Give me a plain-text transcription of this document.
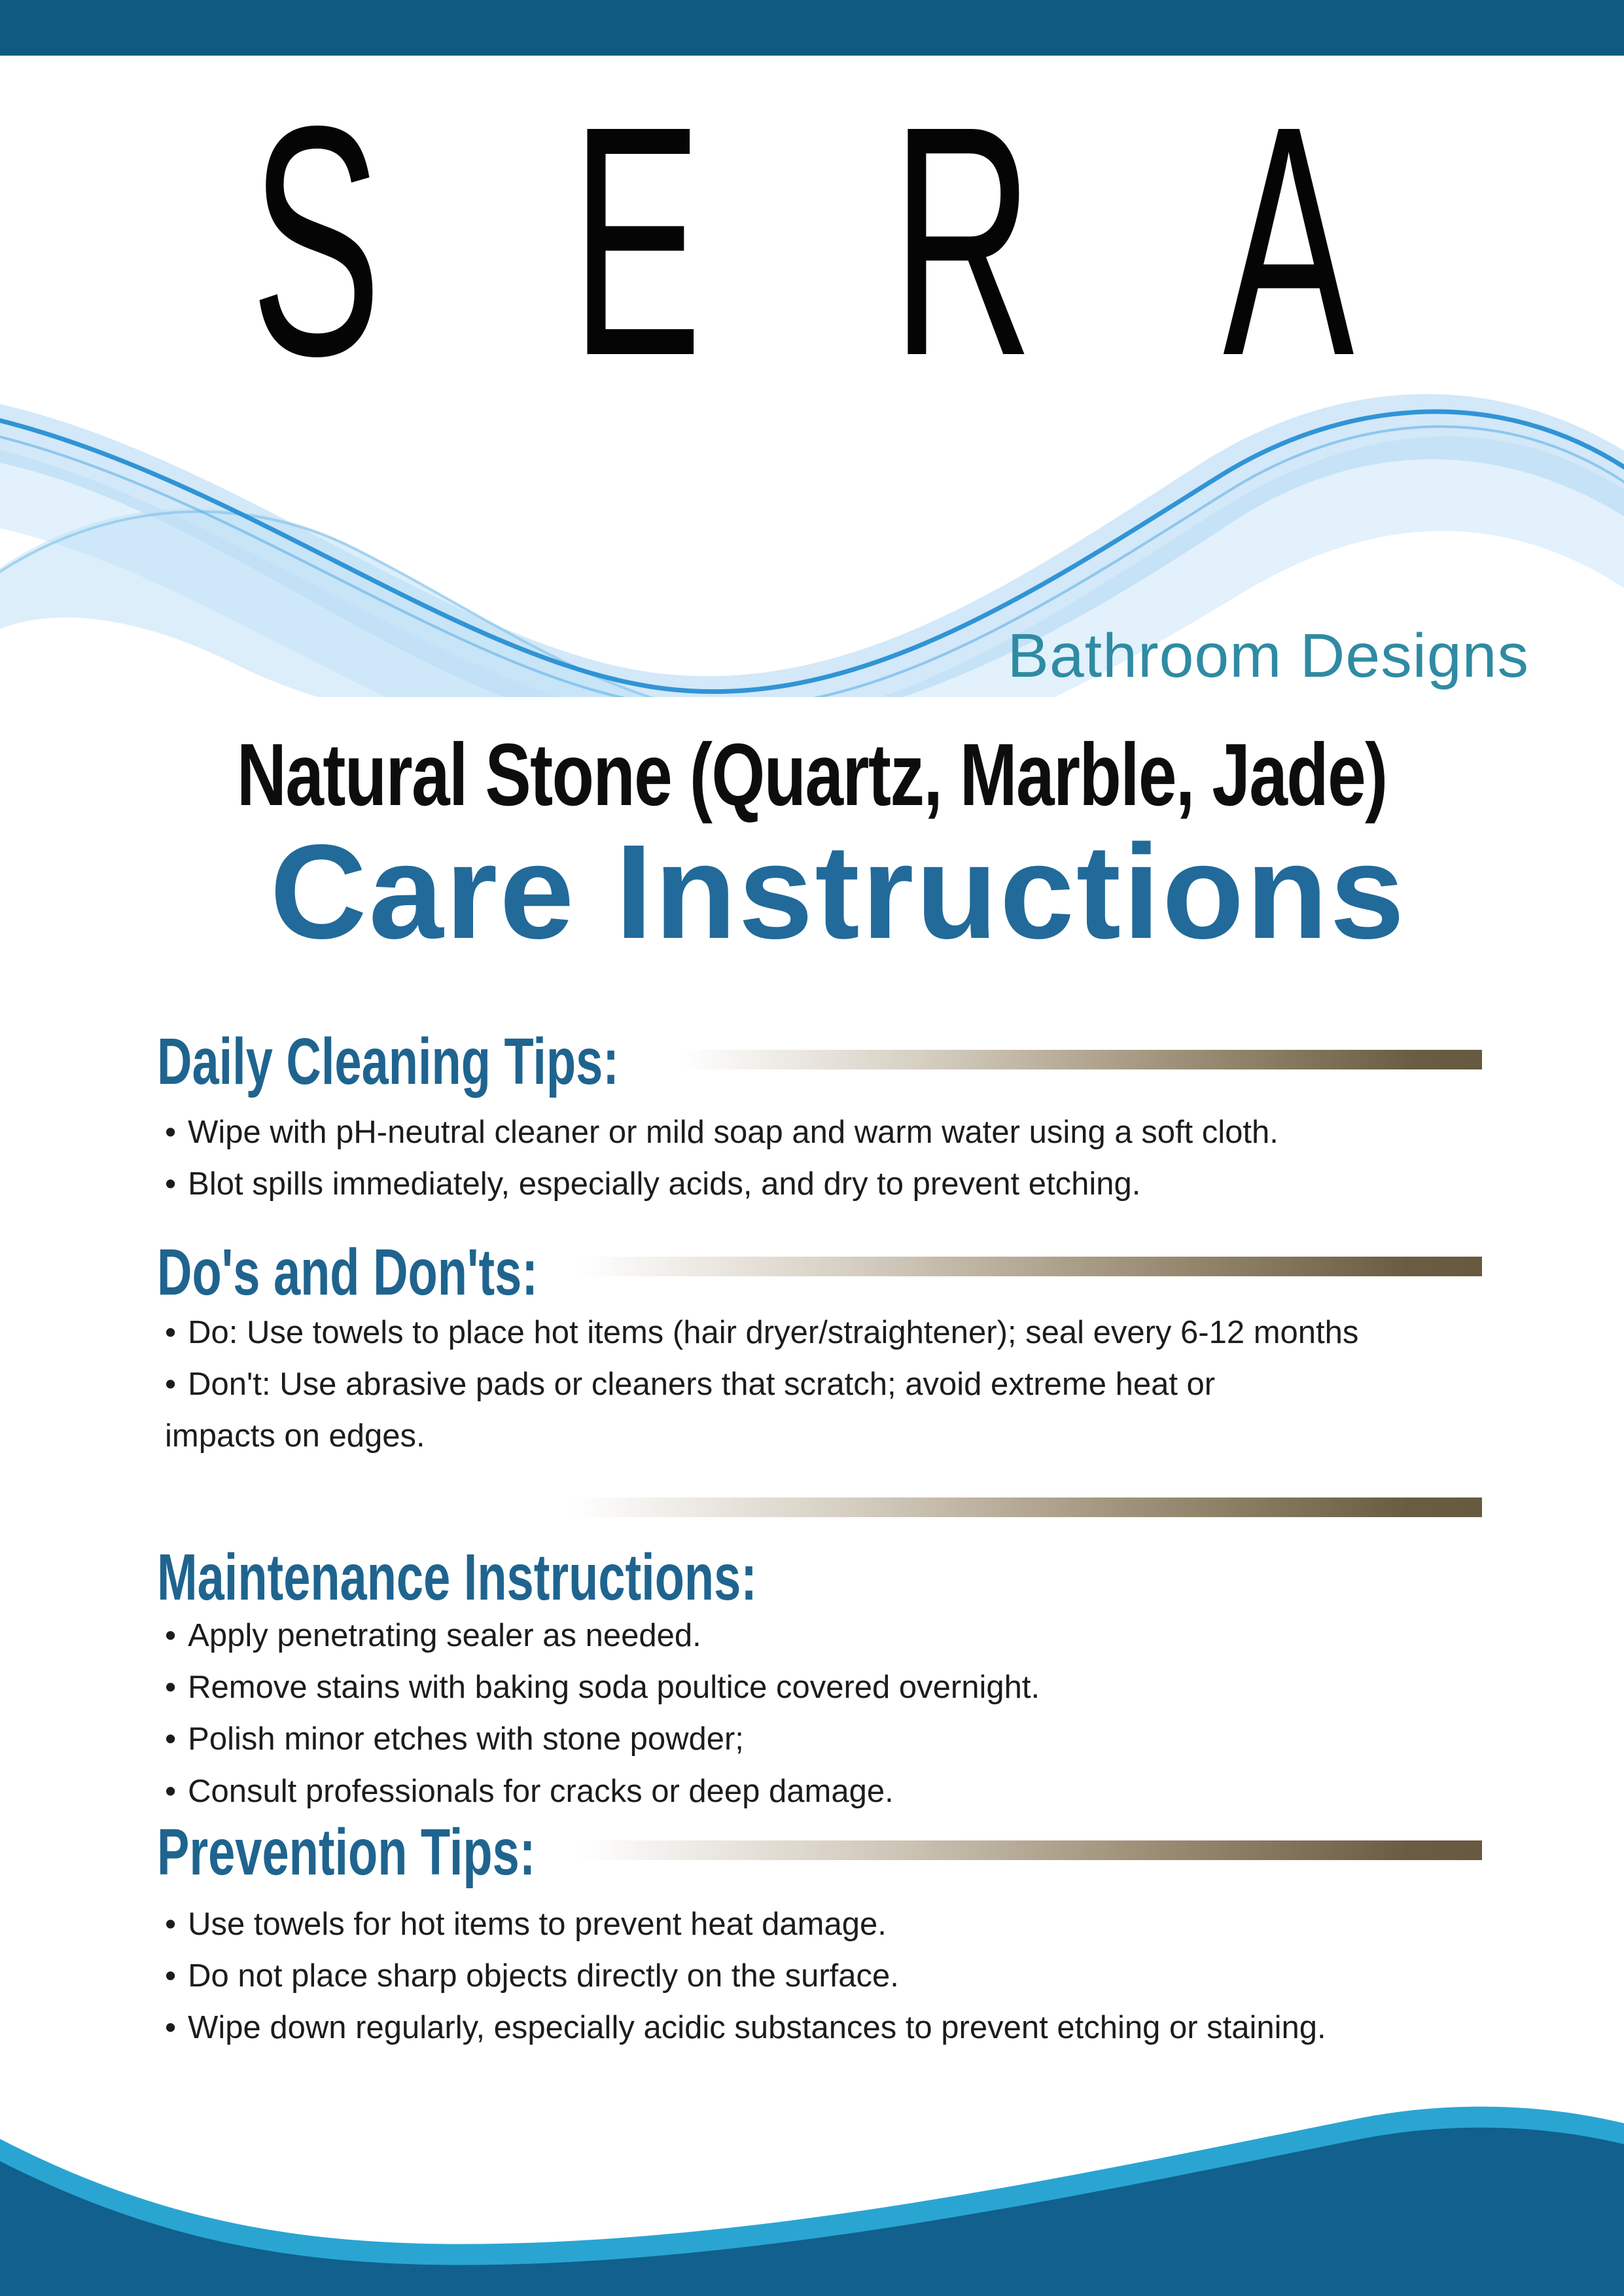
SERA
Bathroom Designs
Natural Stone (Quartz, Marble, Jade)
Care Instructions
Daily Cleaning Tips:
• Wipe with pH-neutral cleaner or mild soap and warm water using a soft cloth.
• Blot spills immediately, especially acids, and dry to prevent etching.
Do's and Don'ts:
• Do: Use towels to place hot items (hair dryer/straightener); seal every 6-12 months
• Don't: Use abrasive pads or cleaners that scratch; avoid extreme heat or
impacts on edges.
Maintenance Instructions:
• Apply penetrating sealer as needed.
• Remove stains with baking soda poultice covered overnight.
• Polish minor etches with stone powder;
• Consult professionals for cracks or deep damage.
Prevention Tips:
• Use towels for hot items to prevent heat damage.
• Do not place sharp objects directly on the surface.
• Wipe down regularly, especially acidic substances to prevent etching or staining.
